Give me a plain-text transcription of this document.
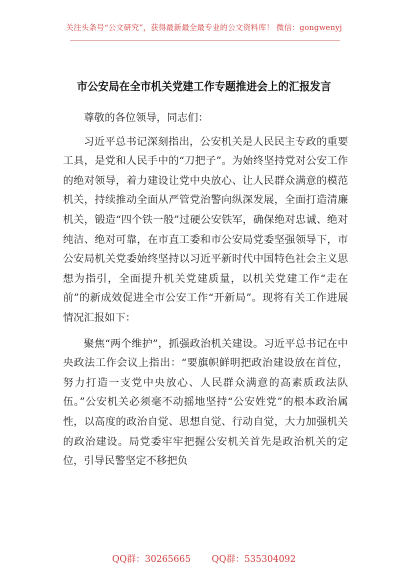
关注头条号“公文研究”，获得最新最全最专业的公文资料库！ 微信：gongwenyj
市公安局在全市机关党建工作专题推进会上的汇报发言

尊敬的各位领导，同志们：

习近平总书记深刻指出，公安机关是人民民主专政的重要工具，是党和人民手中的“刀把子”。为始终坚持党对公安工作的绝对领导，着力建设让党中央放心、让人民群众满意的模范机关，持续推动全面从严管党治警向纵深发展，全面打造清廉机关，锻造“四个铁一般”过硬公安铁军，确保绝对忠诚、绝对纯洁、绝对可靠，在市直工委和市公安局党委坚强领导下，市公安局机关党委始终坚持以习近平新时代中国特色社会主义思想为指引，全面提升机关党建质量，以机关党建工作“走在前”的新成效促进全市公安工作“开新局”。现将有关工作进展情况汇报如下：

聚焦“两个维护”，抓强政治机关建设。习近平总书记在中央政法工作会议上指出：“要旗帜鲜明把政治建设放在首位，努力打造一支党中央放心、人民群众满意的高素质政法队伍。”公安机关必须毫不动摇地坚持“公安姓党”的根本政治属性，以高度的政治自觉、思想自觉、行动自觉，大力加强机关的政治建设。局党委牢牢把握公安机关首先是政治机关的定位，引导民警坚定不移把负

QQ群：30265665 QQ群：535304092
